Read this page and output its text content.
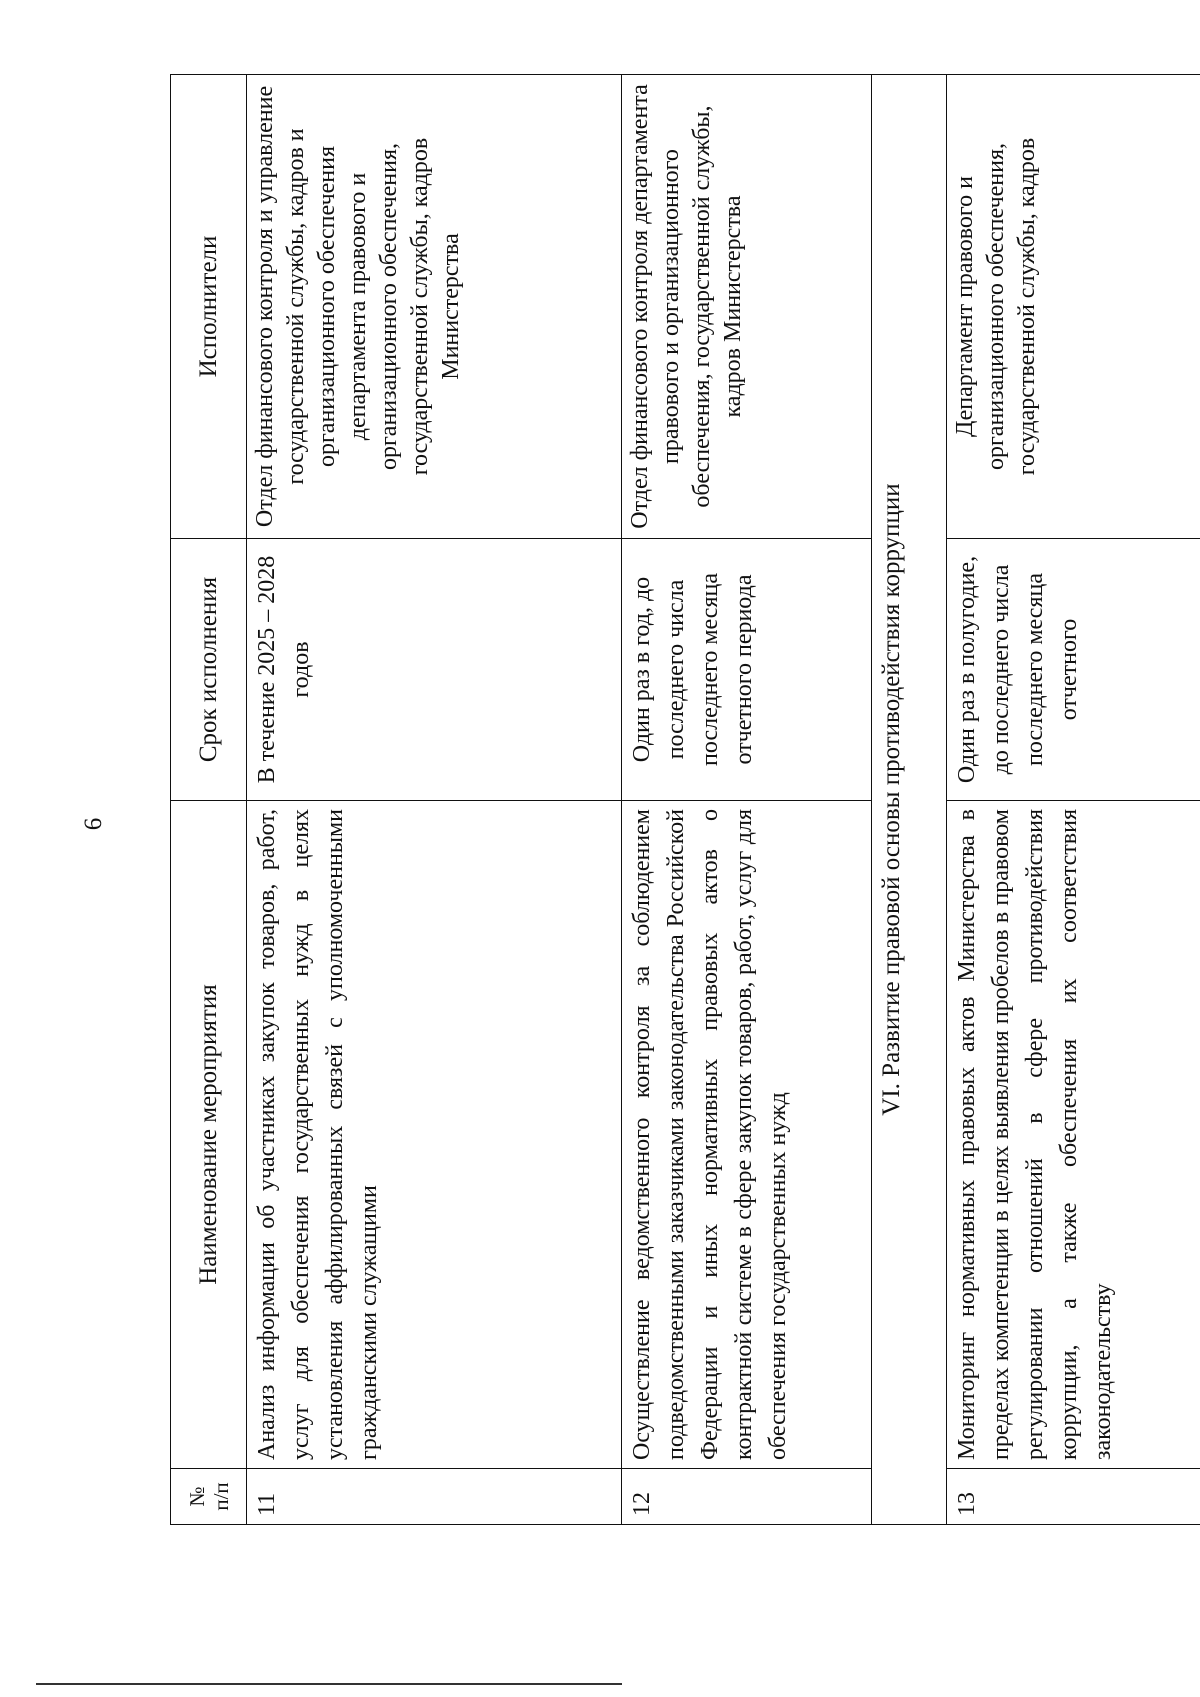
6
№ п/п	Наименование мероприятия	Срок исполнения	Исполнители
11	Анализ информации об участниках закупок товаров, работ, услуг для обеспечения государственных нужд в целях установления аффилированных связей с уполномоченными гражданскими служащими	В течение 2025 – 2028 годов	Отдел финансового контроля и управление государственной службы, кадров и организационного обеспечения департамента правового и организационного обеспечения, государственной службы, кадров Министерства
12	Осуществление ведомственного контроля за соблюдением подведомственными заказчиками законодательства Российской Федерации и иных нормативных правовых актов о контрактной системе в сфере закупок товаров, работ, услуг для обеспечения государственных нужд	Один раз в год, до последнего числа последнего месяца отчетного периода	Отдел финансового контроля департамента правового и организационного обеспечения, государственной службы, кадров Министерства
VI. Развитие правовой основы противодействия коррупции			
13	Мониторинг нормативных правовых актов Министерства в пределах компетенции в целях выявления пробелов в правовом регулировании отношений в сфере противодействия коррупции, а также обеспечения их соответствия законодательству	Один раз в полугодие, до последнего числа последнего месяца отчетного	Департамент правового и организационного обеспечения, государственной службы, кадров
